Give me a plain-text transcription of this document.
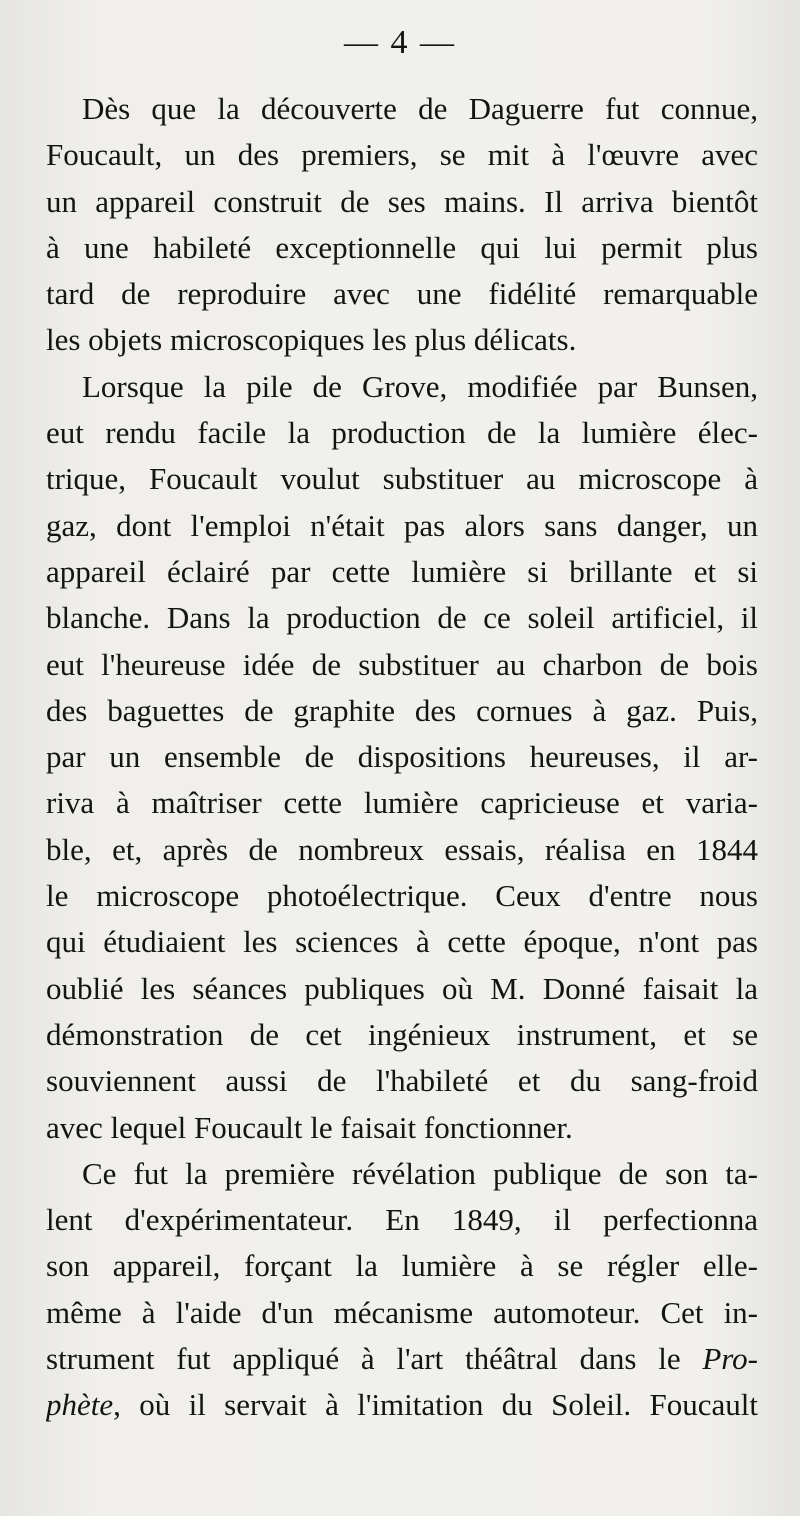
— 4 —
Dès que la découverte de Daguerre fut connue,
Foucault, un des premiers, se mit à l'œuvre avec
un appareil construit de ses mains. Il arriva bientôt
à une habileté exceptionnelle qui lui permit plus
tard de reproduire avec une fidélité remarquable
les objets microscopiques les plus délicats.
Lorsque la pile de Grove, modifiée par Bunsen,
eut rendu facile la production de la lumière élec-
trique, Foucault voulut substituer au microscope à
gaz, dont l'emploi n'était pas alors sans danger, un
appareil éclairé par cette lumière si brillante et si
blanche. Dans la production de ce soleil artificiel, il
eut l'heureuse idée de substituer au charbon de bois
des baguettes de graphite des cornues à gaz. Puis,
par un ensemble de dispositions heureuses, il ar-
riva à maîtriser cette lumière capricieuse et varia-
ble, et, après de nombreux essais, réalisa en 1844
le microscope photoélectrique. Ceux d'entre nous
qui étudiaient les sciences à cette époque, n'ont pas
oublié les séances publiques où M. Donné faisait la
démonstration de cet ingénieux instrument, et se
souviennent aussi de l'habileté et du sang-froid
avec lequel Foucault le faisait fonctionner.
Ce fut la première révélation publique de son ta-
lent d'expérimentateur. En 1849, il perfectionna
son appareil, forçant la lumière à se régler elle-
même à l'aide d'un mécanisme automoteur. Cet in-
strument fut appliqué à l'art théâtral dans le Pro-
phète, où il servait à l'imitation du Soleil. Foucault
